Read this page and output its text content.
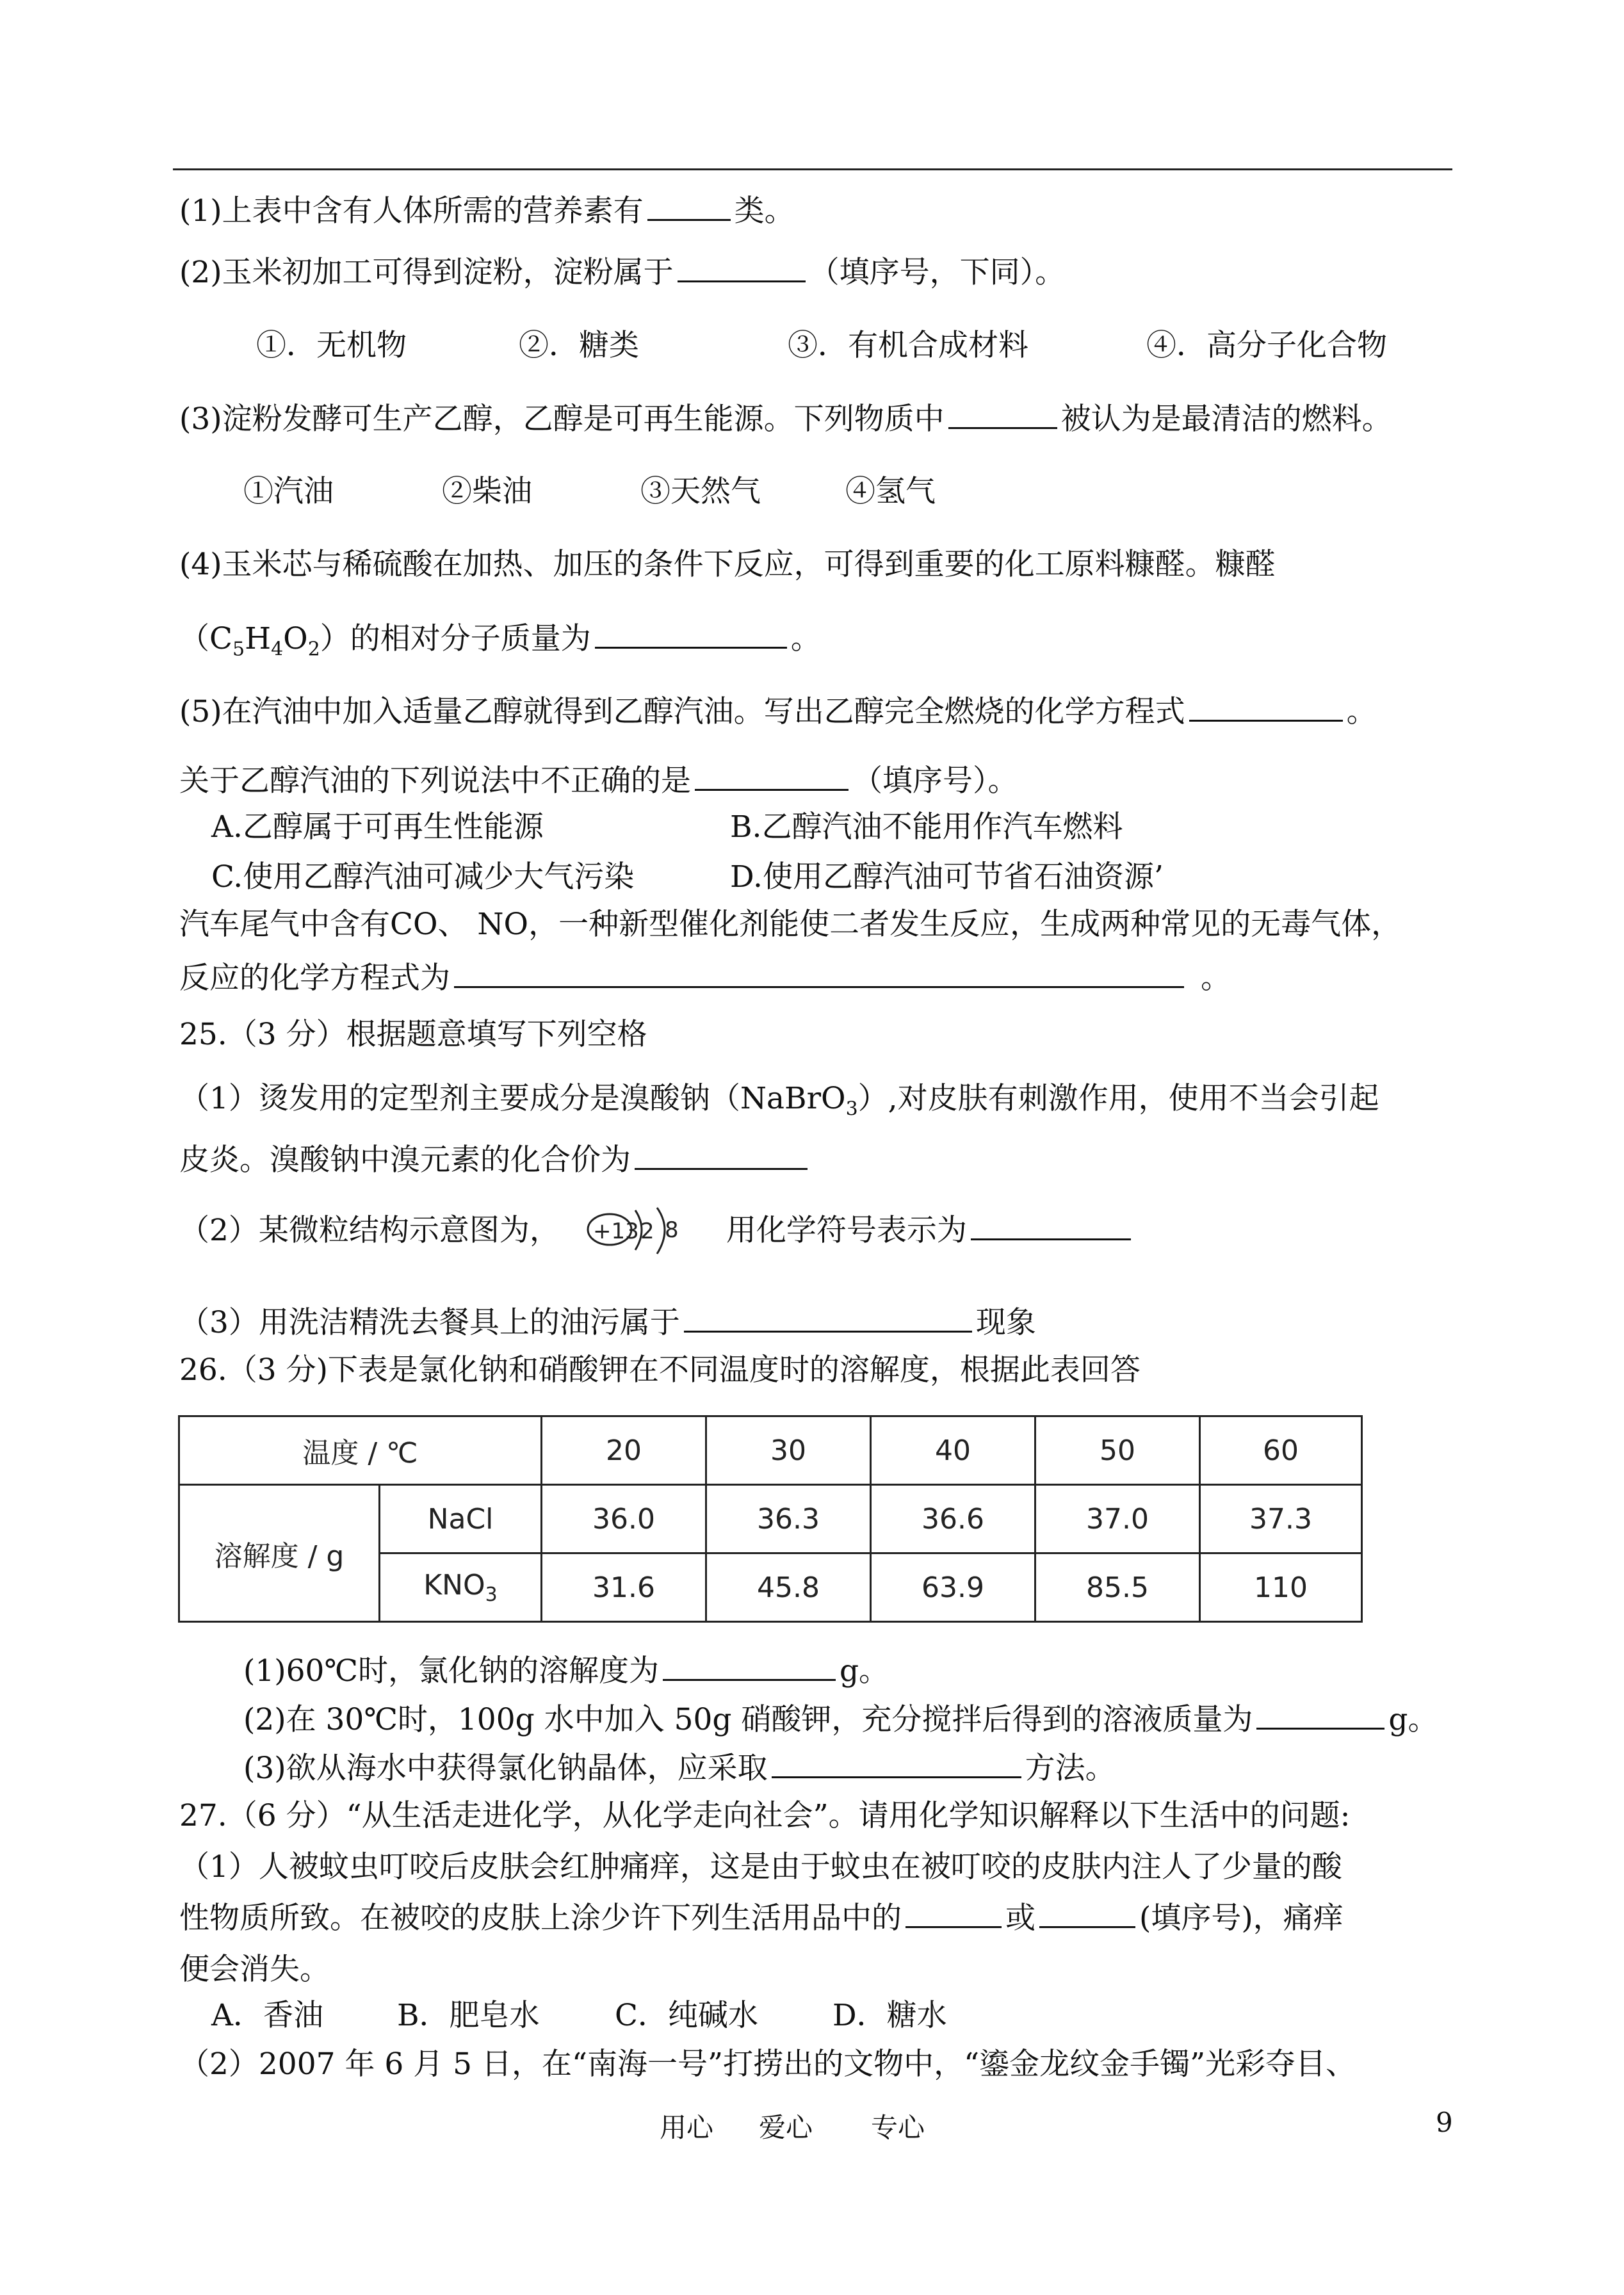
(1)上表中含有人体所需的营养素有	类。
(2)玉米初加工可得到淀粉，淀粉属于	（填序号，下同）。
①．无机物	②．糖类	③．有机合成材料	④．高分子化合物
(3)淀粉发酵可生产乙醇，乙醇是可再生能源。下列物质中	被认为是最清洁的燃料。
①汽油	②柴油	③天然气	④氢气
(4)玉米芯与稀硫酸在加热、加压的条件下反应，可得到重要的化工原料糠醛。糠醛
$(C_5H_4O_2)$的相对分子质量为	。
(5)在汽油中加入适量乙醇就得到乙醇汽油。写出乙醇完全燃烧的化学方程式	。
关于乙醇汽油的下列说法中不正确的是	（填序号）。
A.乙醇属于可再生性能源	B.乙醇汽油不能用作汽车燃料
C.使用乙醇汽油可减少大气污染	D.使用乙醇汽油可节省石油资源’
汽车尾气中含有CO、 NO，一种新型催化剂能使二者发生反应，生成两种常见的无毒气体，
反应的化学方程式为	。
25.（3 分）根据题意填写下列空格
（1）烫发用的定型剂主要成分是溴酸钠（NaBrO$_3$）,对皮肤有刺激作用，使用不当会引起
皮炎。溴酸钠中溴元素的化合价为
（2）某微粒结构示意图为， +13 2 8 用化学符号表示为
（3）用洗洁精洗去餐具上的油污属于	现象
26.（3 分)下表是氯化钠和硝酸钾在不同温度时的溶解度，根据此表回答
温度 / ℃		20	30	40	50	60
溶解度 / g	NaCl	36.0	36.3	36.6	37.0	37.3
	$KNO_3$	31.6	45.8	63.9	85.5	110
(1)60℃时，氯化钠的溶解度为	g。
(2)在 30℃时，100g 水中加入 50g 硝酸钾，充分搅拌后得到的溶液质量为	g。
(3)欲从海水中获得氯化钠晶体，应采取	方法。
27.（6 分）“从生活走进化学，从化学走向社会”。请用化学知识解释以下生活中的问题:
（1）人被蚊虫叮咬后皮肤会红肿痛痒，这是由于蚊虫在被叮咬的皮肤内注人了少量的酸
性物质所致。在被咬的皮肤上涂少许下列生活用品中的	或	(填序号)，痛痒
便会消失。
A．香油 B．肥皂水 C．纯碱水 D．糖水
（2）2007 年 6 月 5 日，在“南海一号”打捞出的文物中，“鎏金龙纹金手镯”光彩夺目、
用心 爱心 专心	9
